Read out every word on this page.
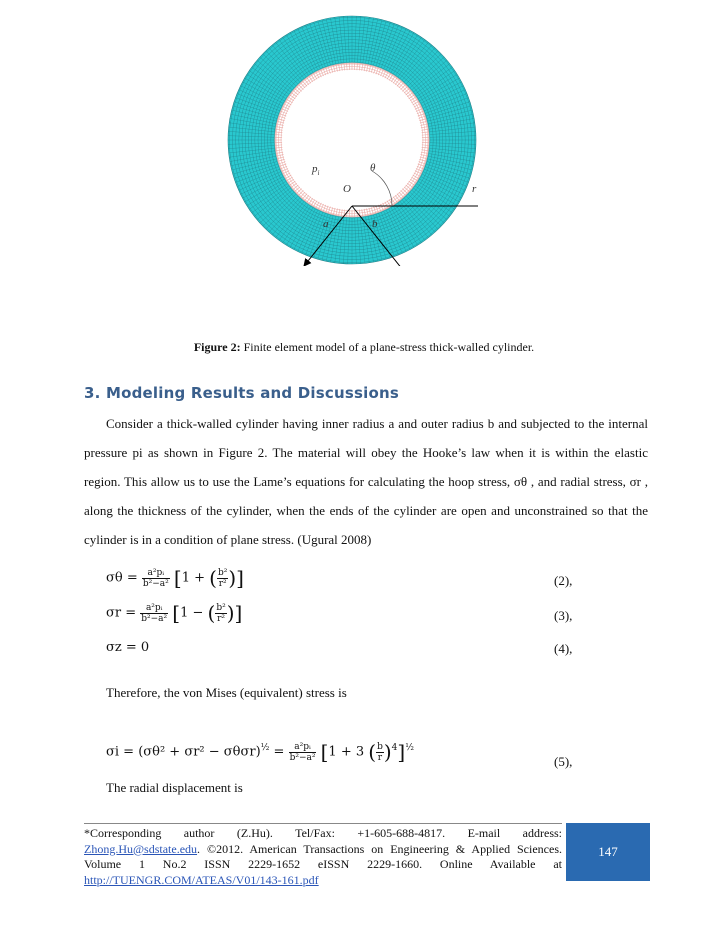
$p_i$	θ
O	r
a	b
Figure 2: Finite element model of a plane-stress thick-walled cylinder.
3. Modeling Results and Discussions
Consider a thick-walled cylinder having inner radius a and outer radius b and subjected to the internal pressure pi as shown in Figure 2. The material will obey the Hooke’s law when it is within the elastic region. This allow us to use the Lame’s equations for calculating the hoop stress, σθ , and radial stress, σr , along the thickness of the cylinder, when the ends of the cylinder are open and unconstrained so that the cylinder is in a condition of plane stress. (Ugural 2008)
$\sigma\theta = \frac{\text{a²pᵢ}}{\text{b²−a²}} [1$ + ( $\frac{\text{b²}}{\text{r²}}$ )]	(2),
$\sigma r = \frac{\text{a²pᵢ}}{\text{b²−a²}} [1$ − ( $\frac{\text{b²}}{\text{r²}}$ )]	(3),
σz = 0	(4),
Therefore, the von Mises (equivalent) stress is
$\sigma i = (\sigma\theta^2 + \sigma r^2 - \sigma\theta\sigma r)^{\frac{1}{2}} = \frac{\text{a²pᵢ}}{\text{b²−a²}} [1 + 3$ ( $\frac{b}{r} )^4]^{\frac{1}{2}}$
(5),
The radial displacement is
*Corresponding author (Z.Hu). Tel/Fax: +1-605-688-4817. E-mail address: Zhong.Hu@sdstate.edu. ©2012. American Transactions on Engineering & Applied Sciences. Volume 1 No.2 ISSN 2229-1652 eISSN 2229-1660. Online Available at http://TUENGR.COM/ATEAS/V01/143-161.pdf
147
